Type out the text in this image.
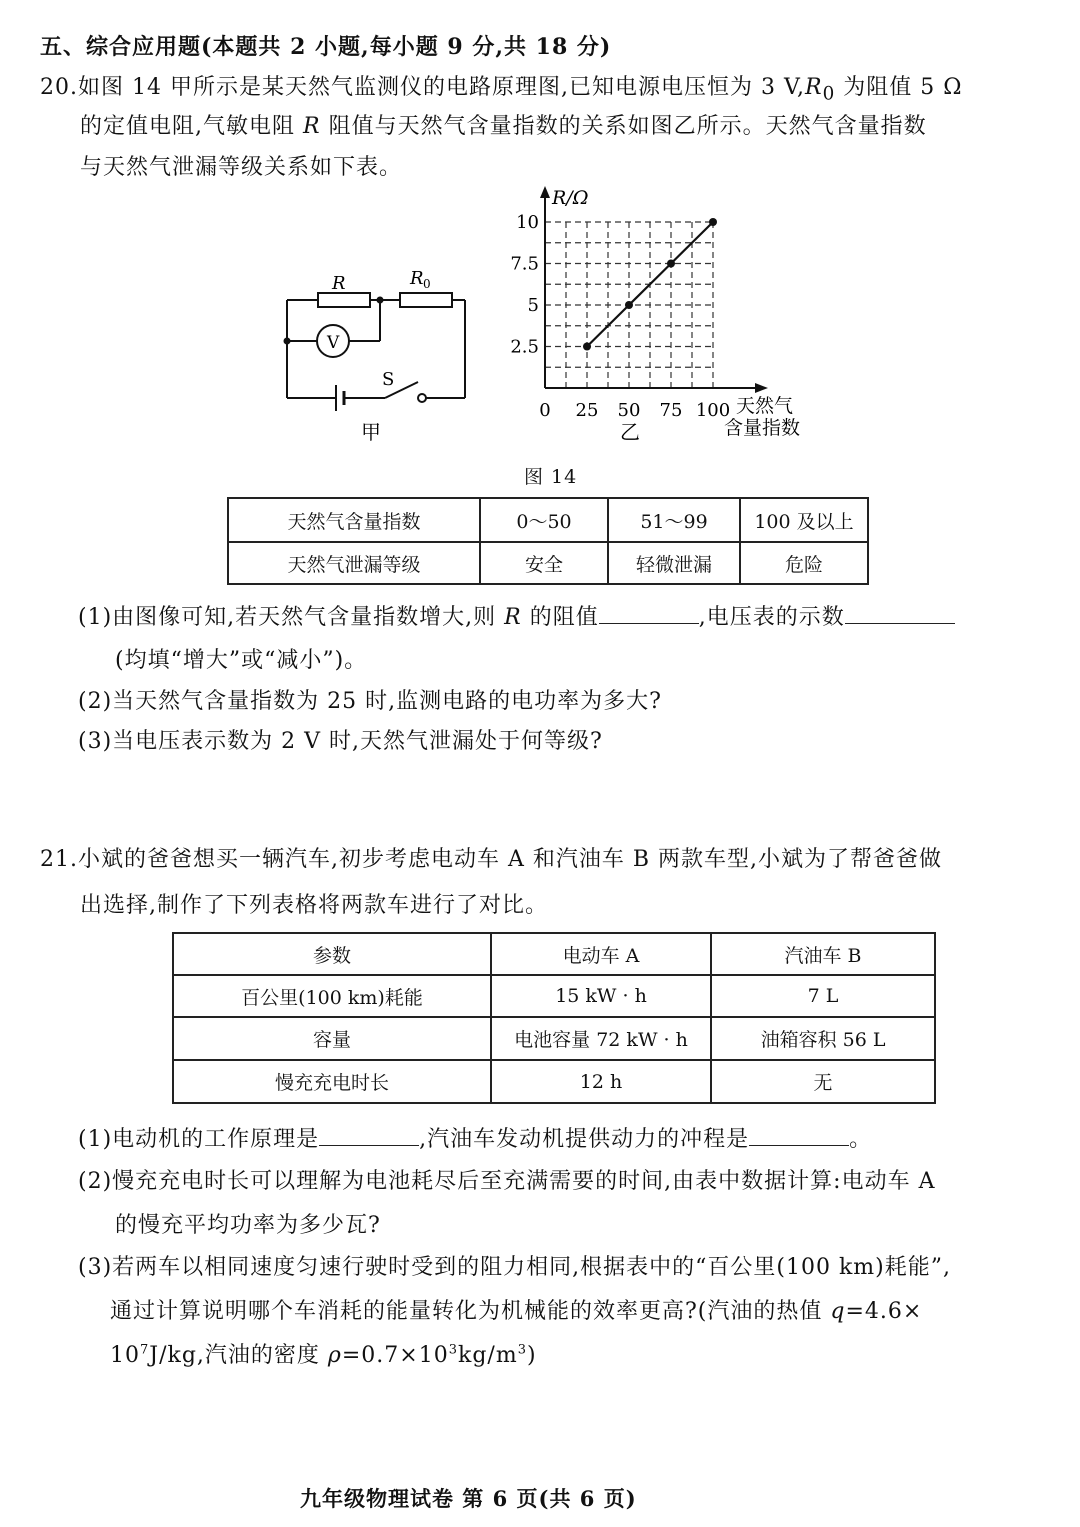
五、综合应用题(本题共 2 小题,每小题 9 分,共 18 分)
20.如图 14 甲所示是某天然气监测仪的电路原理图,已知电源电压恒为 3 $V,R_0$ 为阻值 5 Ω
的定值电阻,气敏电阻 R 阻值与天然气含量指数的关系如图乙所示。天然气含量指数
与天然气泄漏等级关系如下表。
R	R 0
V
S
甲
0 25 50 75 100
2.5
5
7.5
10
R/Ω
天然气
含量指数
乙
图 14
天然气含量指数	0～50	51～99	100 及以上
天然气泄漏等级	安全	轻微泄漏	危险
(1)由图像可知,若天然气含量指数增大,则 R 的阻值	,电压表的示数
(均填“增大”或“减小”)。
(2)当天然气含量指数为 25 时,监测电路的电功率为多大?
(3)当电压表示数为 2 V 时,天然气泄漏处于何等级?
21.小斌的爸爸想买一辆汽车,初步考虑电动车 A 和汽油车 B 两款车型,小斌为了帮爸爸做
出选择,制作了下列表格将两款车进行了对比。
参数	电动车 A	汽油车 B
百公里(100 km)耗能	15 kW · h	7 L
容量	电池容量 72 kW · h	油箱容积 56 L
慢充充电时长	12 h	无
(1)电动机的工作原理是	,汽油车发动机提供动力的冲程是	。
(2)慢充充电时长可以理解为电池耗尽后至充满需要的时间,由表中数据计算:电动车 A
的慢充平均功率为多少瓦?
(3)若两车以相同速度匀速行驶时受到的阻力相同,根据表中的“百公里(100 km)耗能”,
通过计算说明哪个车消耗的能量转化为机械能的效率更高?(汽油的热值 q=4.6×
$10^7J/kg$,汽油的密度 $\rho=0.7\times 10^3kg/m^3$)
九年级物理试卷 第 6 页(共 6 页)
